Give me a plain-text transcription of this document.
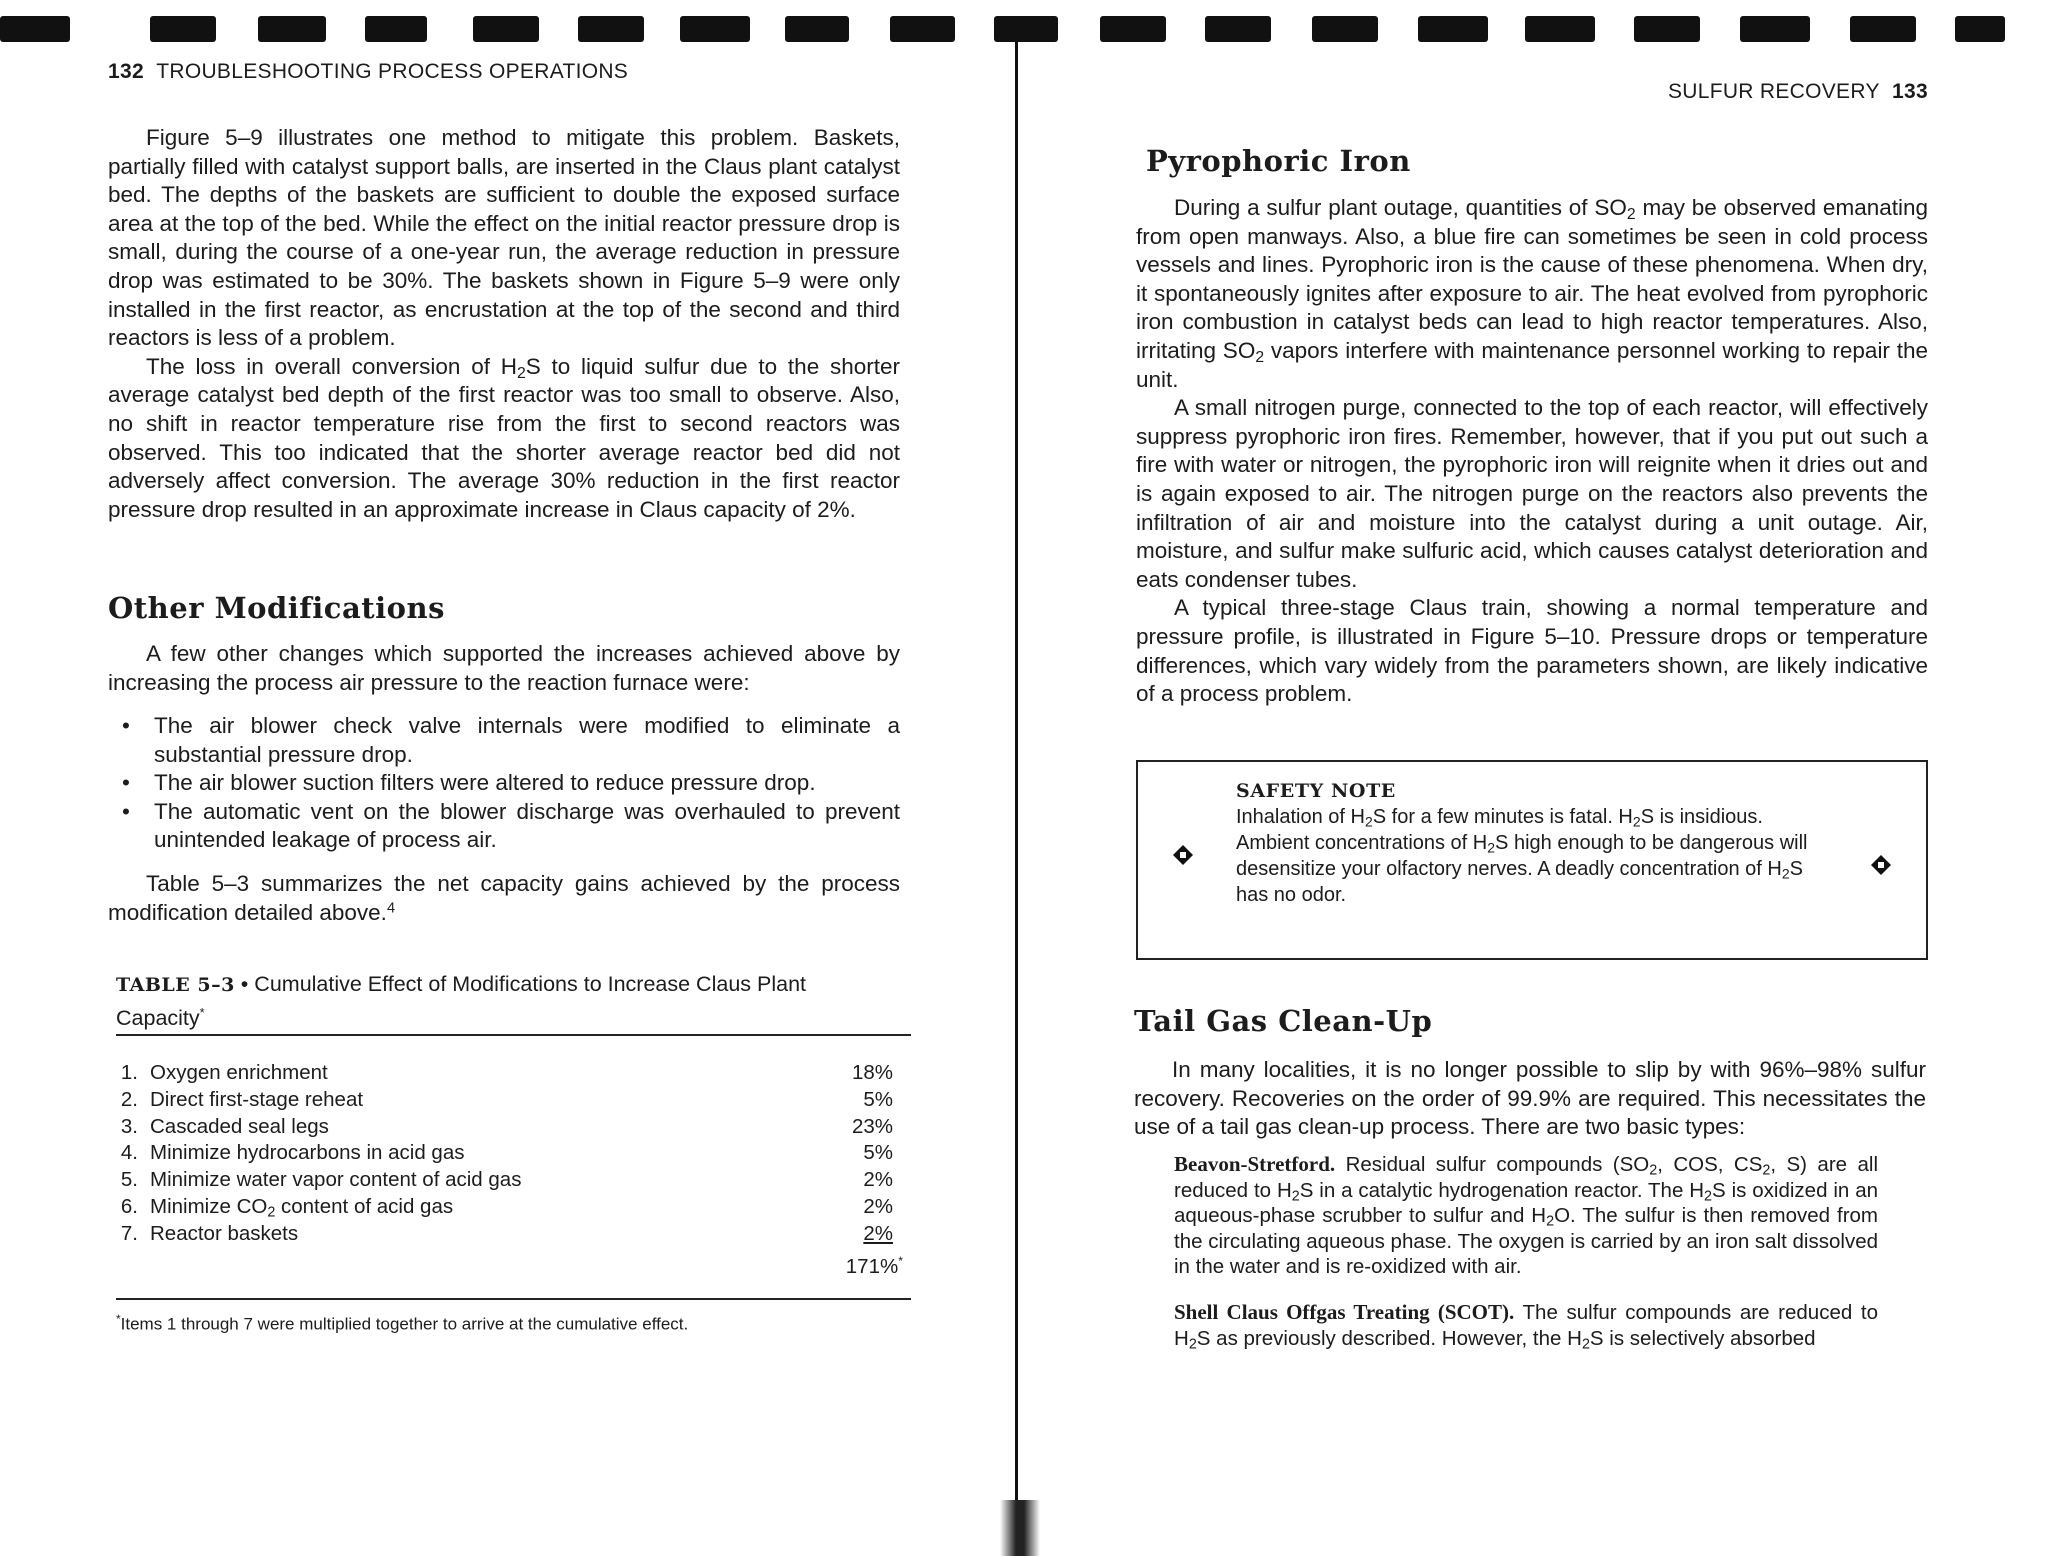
132 TROUBLESHOOTING PROCESS OPERATIONS

Figure 5–9 illustrates one method to mitigate this problem. Baskets, partially filled with catalyst support balls, are inserted in the Claus plant catalyst bed. The depths of the baskets are sufficient to double the exposed surface area at the top of the bed. While the effect on the initial reactor pressure drop is small, during the course of a one-year run, the average reduction in pressure drop was estimated to be 30%. The baskets shown in Figure 5–9 were only installed in the first reactor, as encrustation at the top of the second and third reactors is less of a problem.

The loss in overall conversion of $H_2S$ to liquid sulfur due to the shorter average catalyst bed depth of the first reactor was too small to observe. Also, no shift in reactor temperature rise from the first to second reactors was observed. This too indicated that the shorter average reactor bed did not adversely affect conversion. The average 30% reduction in the first reactor pressure drop resulted in an approximate increase in Claus capacity of 2%.

Other Modifications

A few other changes which supported the increases achieved above by increasing the process air pressure to the reaction furnace were:

• The air blower check valve internals were modified to eliminate a substantial pressure drop.
• The air blower suction filters were altered to reduce pressure drop.
• The automatic vent on the blower discharge was overhauled to prevent unintended leakage of process air.

Table 5–3 summarizes the net capacity gains achieved by the process modification detailed above.$^4$

TABLE 5–3 • Cumulative Effect of Modifications to Increase Claus Plant Capacity*
1. Oxygen enrichment	18%
2. Direct first-stage reheat	5%
3. Cascaded seal legs	23%
4. Minimize hydrocarbons in acid gas	5%
5. Minimize water vapor content of acid gas	2%
6. Minimize $CO_2$ content of acid gas	2%
7. Reactor baskets	2%
171%*
*Items 1 through 7 were multiplied together to arrive at the cumulative effect.
SULFUR RECOVERY 133
Pyrophoric Iron

During a sulfur plant outage, quantities of $SO_2$ may be observed emanating from open manways. Also, a blue fire can sometimes be seen in cold process vessels and lines. Pyrophoric iron is the cause of these phenomena. When dry, it spontaneously ignites after exposure to air. The heat evolved from pyrophoric iron combustion in catalyst beds can lead to high reactor temperatures. Also, irritating $SO_2$ vapors interfere with maintenance personnel working to repair the unit.

A small nitrogen purge, connected to the top of each reactor, will effectively suppress pyrophoric iron fires. Remember, however, that if you put out such a fire with water or nitrogen, the pyrophoric iron will reignite when it dries out and is again exposed to air. The nitrogen purge on the reactors also prevents the infiltration of air and moisture into the catalyst during a unit outage. Air, moisture, and sulfur make sulfuric acid, which causes catalyst deterioration and eats condenser tubes.

A typical three-stage Claus train, showing a normal temperature and pressure profile, is illustrated in Figure 5–10. Pressure drops or temperature differences, which vary widely from the parameters shown, are likely indicative of a process problem.

SAFETY NOTE
Inhalation of $H_2S$ for a few minutes is fatal. $H_2S$ is insidious. Ambient concentrations of $H_2S$ high enough to be dangerous will desensitize your olfactory nerves. A deadly concentration of $H_2S$ has no odor.
Tail Gas Clean-Up

In many localities, it is no longer possible to slip by with 96%–98% sulfur recovery. Recoveries on the order of 99.9% are required. This necessitates the use of a tail gas clean-up process. There are two basic types:

Beavon-Stretford. Residual sulfur compounds ($SO_2$, COS, $CS_2$, S) are all reduced to $H_2S$ in a catalytic hydrogenation reactor. The $H_2S$ is oxidized in an aqueous-phase scrubber to sulfur and $H_2O$. The sulfur is then removed from the circulating aqueous phase. The oxygen is carried by an iron salt dissolved in the water and is re-oxidized with air.
Shell Claus Offgas Treating (SCOT). The sulfur compounds are reduced to $H_2S$ as previously described. However, the $H_2S$ is selectively absorbed
